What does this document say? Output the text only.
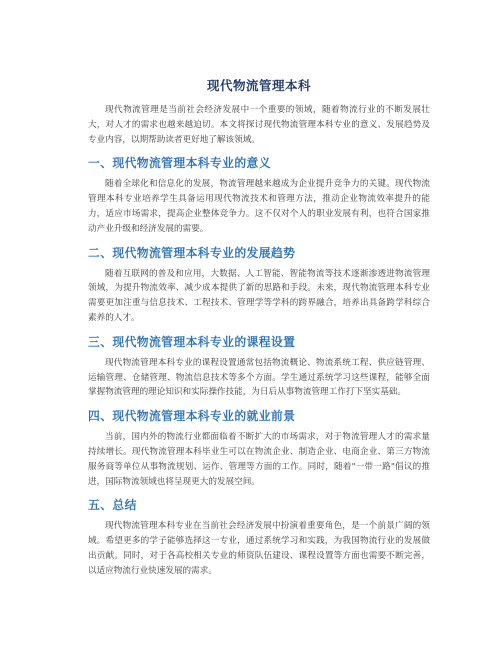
现代物流管理本科

现代物流管理是当前社会经济发展中一个重要的领域，随着物流行业的不断发展壮大，对人才的需求也越来越迫切。本文将探讨现代物流管理本科专业的意义、发展趋势及专业内容，以期帮助读者更好地了解该领域。

一、现代物流管理本科专业的意义

随着全球化和信息化的发展，物流管理越来越成为企业提升竞争力的关键。现代物流管理本科专业培养学生具备运用现代物流技术和管理方法，推动企业物流效率提升的能力，适应市场需求，提高企业整体竞争力。这不仅对个人的职业发展有利，也符合国家推动产业升级和经济发展的需要。

二、现代物流管理本科专业的发展趋势

随着互联网的普及和应用，大数据、人工智能、智能物流等技术逐渐渗透进物流管理领域，为提升物流效率、减少成本提供了新的思路和手段。未来，现代物流管理本科专业需要更加注重与信息技术、工程技术、管理学等学科的跨界融合，培养出具备跨学科综合素养的人才。

三、现代物流管理本科专业的课程设置

现代物流管理本科专业的课程设置通常包括物流概论、物流系统工程、供应链管理、运输管理、仓储管理、物流信息技术等多个方面。学生通过系统学习这些课程，能够全面掌握物流管理的理论知识和实际操作技能，为日后从事物流管理工作打下坚实基础。

四、现代物流管理本科专业的就业前景

当前，国内外的物流行业都面临着不断扩大的市场需求，对于物流管理人才的需求量持续增长。现代物流管理本科毕业生可以在物流企业、制造企业、电商企业、第三方物流服务商等单位从事物流规划、运作、管理等方面的工作。同时，随着"一带一路"倡议的推进，国际物流领域也将呈现更大的发展空间。

五、总结

现代物流管理本科专业在当前社会经济发展中扮演着重要角色，是一个前景广阔的领域。希望更多的学子能够选择这一专业，通过系统学习和实践，为我国物流行业的发展做出贡献。同时，对于各高校相关专业的师资队伍建设、课程设置等方面也需要不断完善，以适应物流行业快速发展的需求。
